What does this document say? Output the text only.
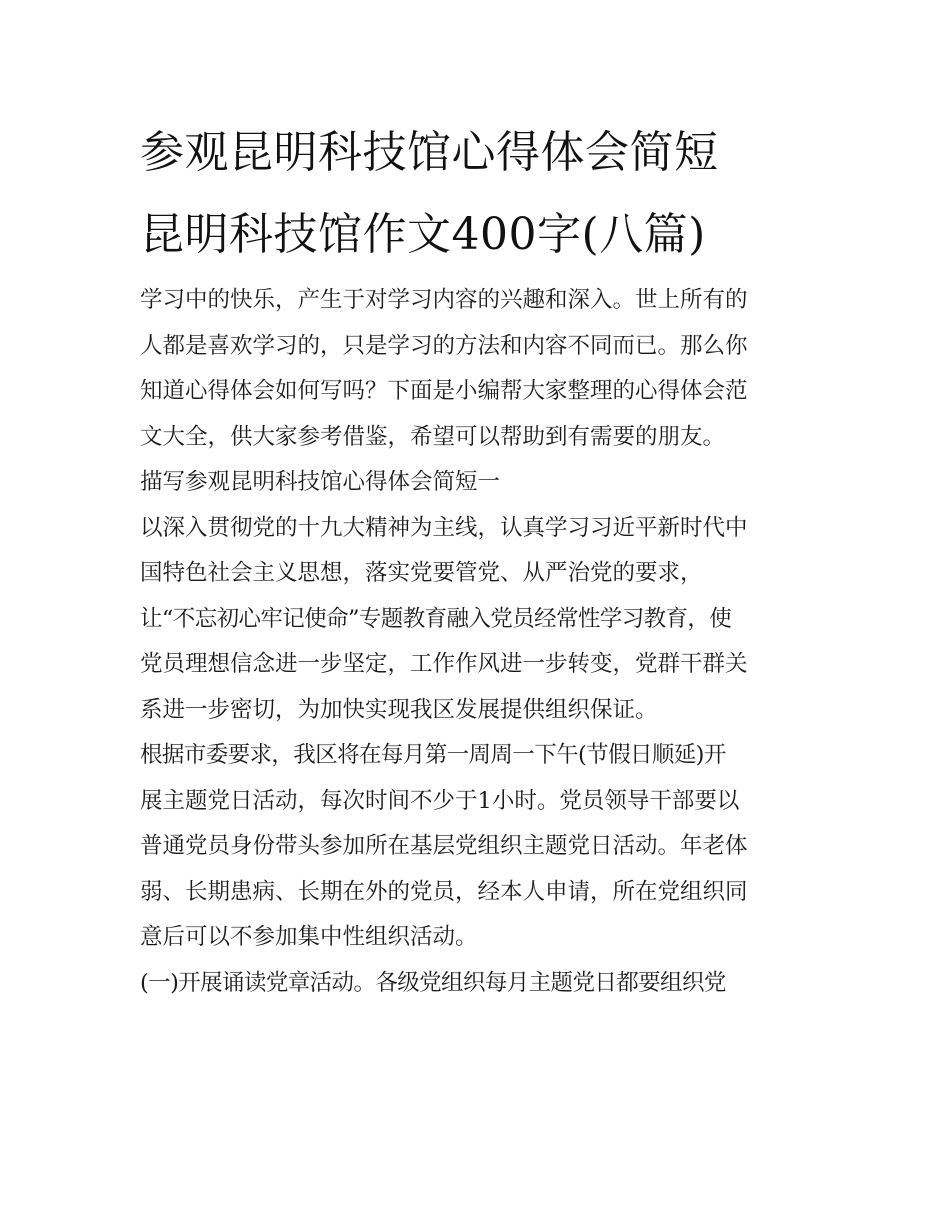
参观昆明科技馆心得体会简短
昆明科技馆作文400字(八篇)
学习中的快乐，产生于对学习内容的兴趣和深入。世上所有的
人都是喜欢学习的，只是学习的方法和内容不同而已。那么你
知道心得体会如何写吗？下面是小编帮大家整理的心得体会范
文大全，供大家参考借鉴，希望可以帮助到有需要的朋友。
描写参观昆明科技馆心得体会简短一
以深入贯彻党的十九大精神为主线，认真学习习近平新时代中
国特色社会主义思想，落实党要管党、从严治党的要求，
让“不忘初心牢记使命”专题教育融入党员经常性学习教育，使
党员理想信念进一步坚定，工作作风进一步转变，党群干群关
系进一步密切，为加快实现我区发展提供组织保证。
根据市委要求，我区将在每月第一周周一下午(节假日顺延)开
展主题党日活动，每次时间不少于1小时。党员领导干部要以
普通党员身份带头参加所在基层党组织主题党日活动。年老体
弱、长期患病、长期在外的党员，经本人申请，所在党组织同
意后可以不参加集中性组织活动。
(一)开展诵读党章活动。各级党组织每月主题党日都要组织党
